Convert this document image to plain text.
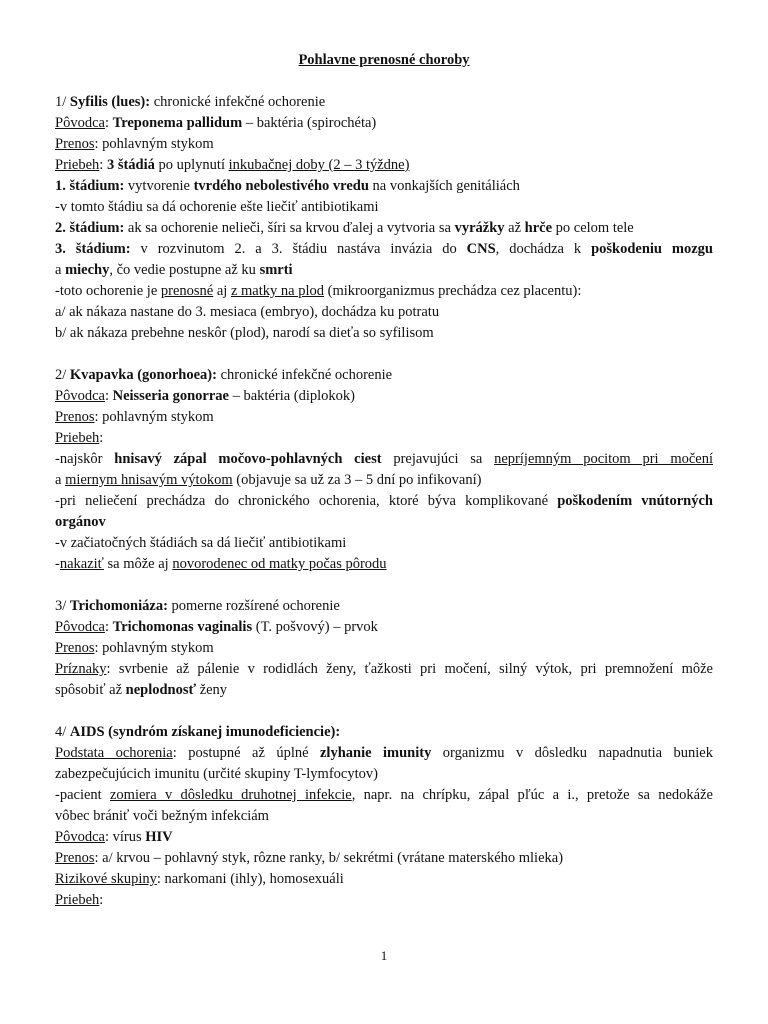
Pohlavne prenosné choroby
1/ Syfilis (lues): chronické infekčné ochorenie
Pôvodca: Treponema pallidum – baktéria (spirochéta)
Prenos: pohlavným stykom
Priebeh: 3 štádiá po uplynutí inkubačnej doby (2 – 3 týždne)
1. štádium: vytvorenie tvrdého nebolestivého vredu na vonkajších genitáliách
-v tomto štádiu sa dá ochorenie ešte liečiť antibiotikami
2. štádium: ak sa ochorenie nelieči, šíri sa krvou ďalej a vytvoria sa vyrážky až hrče po celom tele
3. štádium: v rozvinutom 2. a 3. štádiu nastáva invázia do CNS, dochádza k poškodeniu mozgu
a miechy, čo vedie postupne až ku smrti
-toto ochorenie je prenosné aj z matky na plod (mikroorganizmus prechádza cez placentu):
a/ ak nákaza nastane do 3. mesiaca (embryo), dochádza ku potratu
b/ ak nákaza prebehne neskôr (plod), narodí sa dieťa so syfilisom
2/ Kvapavka (gonorhoea): chronické infekčné ochorenie
Pôvodca: Neisseria gonorrae – baktéria (diplokok)
Prenos: pohlavným stykom
Priebeh:
-najskôr hnisavý zápal močovo-pohlavných ciest prejavujúci sa nepríjemným pocitom pri močení
a miernym hnisavým výtokom (objavuje sa už za 3 – 5 dní po infikovaní)
-pri neliečení prechádza do chronického ochorenia, ktoré býva komplikované poškodením vnútorných
orgánov
-v začiatočných štádiách sa dá liečiť antibiotikami
-nakaziť sa môže aj novorodenec od matky počas pôrodu
3/ Trichomoniáza: pomerne rozšírené ochorenie
Pôvodca: Trichomonas vaginalis (T. pošvový) – prvok
Prenos: pohlavným stykom
Príznaky: svrbenie až pálenie v rodidlách ženy, ťažkosti pri močení, silný výtok, pri premnožení môže
spôsobiť až neplodnosť ženy
4/ AIDS (syndróm získanej imunodeficiencie):
Podstata ochorenia: postupné až úplné zlyhanie imunity organizmu v dôsledku napadnutia buniek
zabezpečujúcich imunitu (určité skupiny T-lymfocytov)
-pacient zomiera v dôsledku druhotnej infekcie, napr. na chrípku, zápal pľúc a i., pretože sa nedokáže
vôbec brániť voči bežným infekciám
Pôvodca: vírus HIV
Prenos: a/ krvou – pohlavný styk, rôzne ranky, b/ sekrétmi (vrátane materského mlieka)
Rizikové skupiny: narkomani (ihly), homosexuáli
Priebeh:
1
